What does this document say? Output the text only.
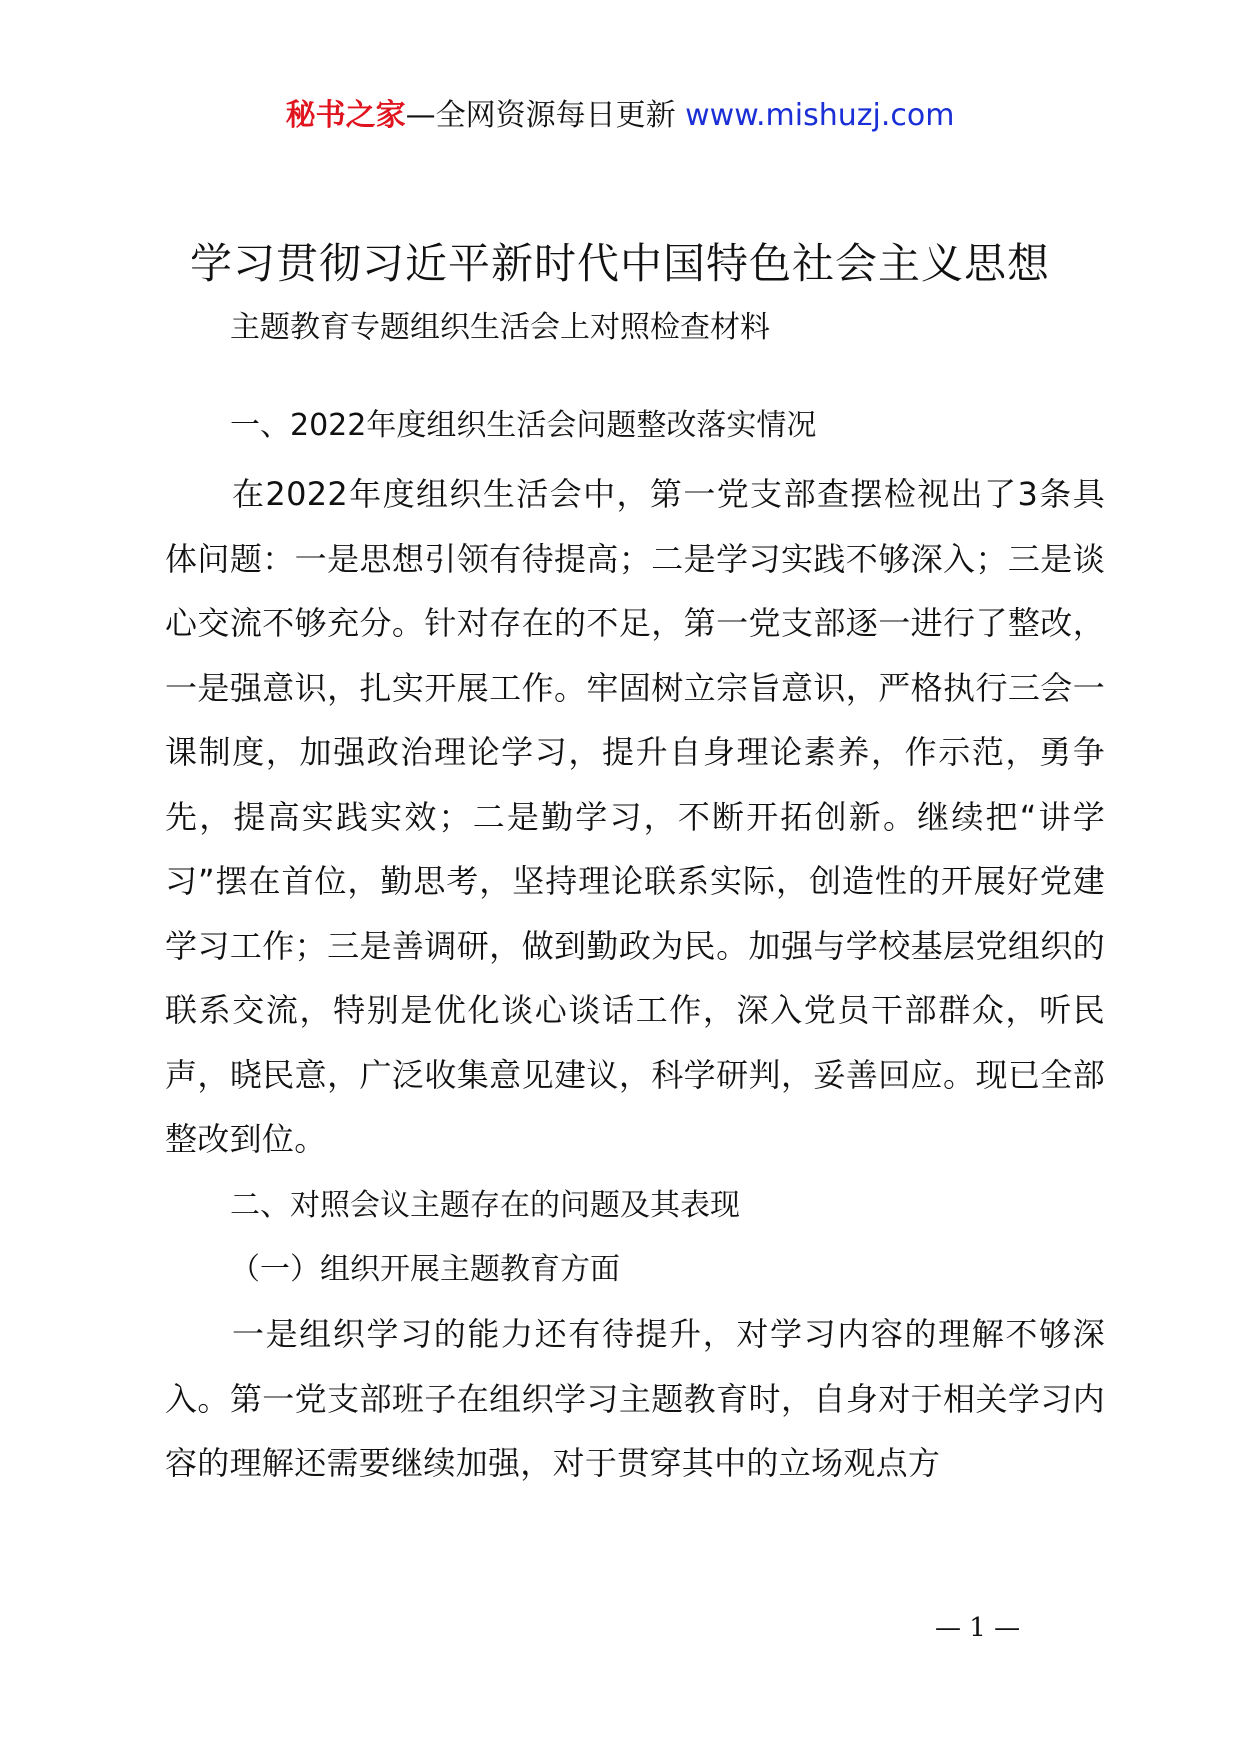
秘书之家—全网资源每日更新 www.mishuzj.com
学习贯彻习近平新时代中国特色社会主义思想
主题教育专题组织生活会上对照检查材料
一、2022年度组织生活会问题整改落实情况

在2022年度组织生活会中，第一党支部查摆检视出了3条具体问题：一是思想引领有待提高；二是学习实践不够深入；三是谈心交流不够充分。针对存在的不足，第一党支部逐一进行了整改，一是强意识，扎实开展工作。牢固树立宗旨意识，严格执行三会一课制度，加强政治理论学习，提升自身理论素养，作示范，勇争先，提高实践实效；二是勤学习，不断开拓创新。继续把“讲学习”摆在首位，勤思考，坚持理论联系实际，创造性的开展好党建学习工作；三是善调研，做到勤政为民。加强与学校基层党组织的联系交流，特别是优化谈心谈话工作，深入党员干部群众，听民声，晓民意，广泛收集意见建议，科学研判，妥善回应。现已全部整改到位。

二、对照会议主题存在的问题及其表现
（一）组织开展主题教育方面

一是组织学习的能力还有待提升，对学习内容的理解不够深入。第一党支部班子在组织学习主题教育时，自身对于相关学习内容的理解还需要继续加强，对于贯穿其中的立场观点方

— 1 —
